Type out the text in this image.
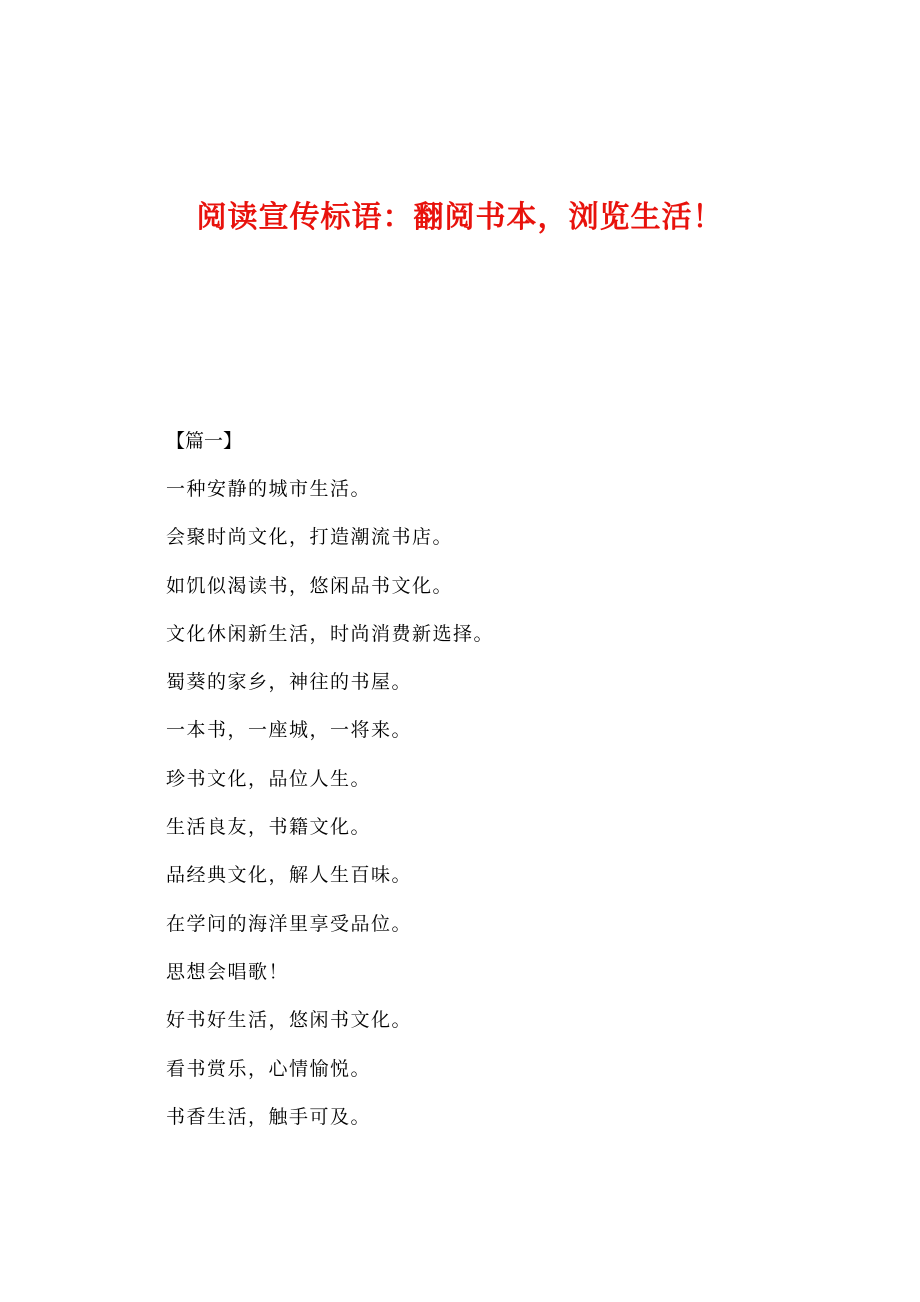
阅读宣传标语：翻阅书本，浏览生活！

【篇一】

一种安静的城市生活。
会聚时尚文化，打造潮流书店。
如饥似渴读书，悠闲品书文化。
文化休闲新生活，时尚消费新选择。
蜀葵的家乡，神往的书屋。
一本书，一座城，一将来。
珍书文化，品位人生。
生活良友，书籍文化。
品经典文化，解人生百味。
在学问的海洋里享受品位。
思想会唱歌！
好书好生活，悠闲书文化。
看书赏乐，心情愉悦。
书香生活，触手可及。
